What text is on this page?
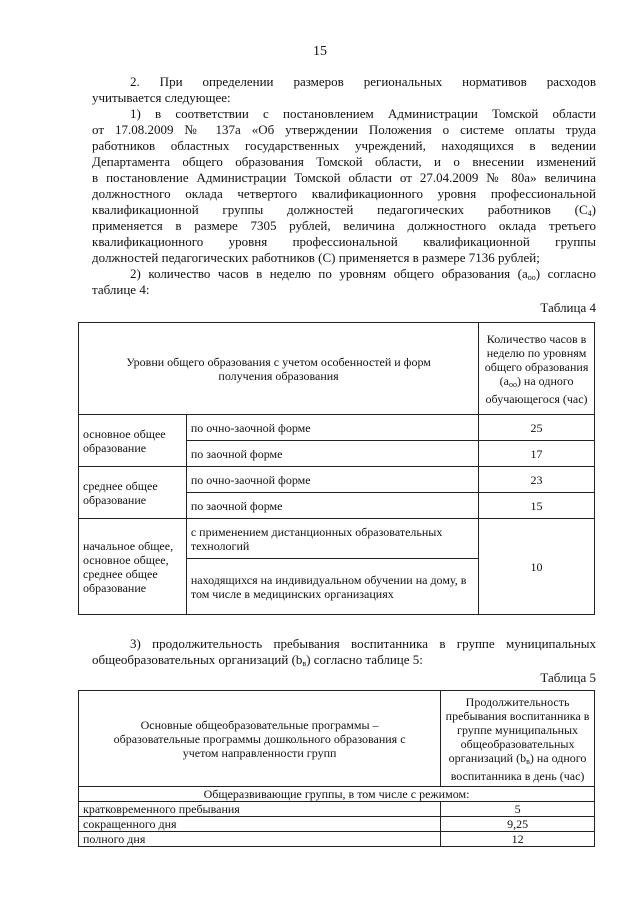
15

2. При определении размеров региональных нормативов расходов

учитывается следующее:

1) в соответствии с постановлением Администрации Томской области

от 17.08.2009 № 137а «Об утверждении Положения о системе оплаты труда

работников областных государственных учреждений, находящихся в ведении

Департамента общего образования Томской области, и о внесении изменений

в постановление Администрации Томской области от 27.04.2009 № 80а» величина

должностного оклада четвертого квалификационного уровня профессиональной

квалификационной группы должностей педагогических работников $(C_4)$

применяется в размере 7305 рублей, величина должностного оклада третьего

квалификационного уровня профессиональной квалификационной группы

должностей педагогических работников (С) применяется в размере 7136 рублей;

2) количество часов в неделю по уровням общего образования $(a_{оо})$ согласно

таблице 4:

Таблица 4
Уровни общего образования с учетом особенностей и форм получения образования		Количество часов в неделю по уровням общего образования $(a_{оо})$ на одного обучающегося (час)
основное общее образование	по очно-заочной форме	25
	по заочной форме	17
среднее общее образование	по очно-заочной форме	23
	по заочной форме	15
начальное общее, основное общее, среднее общее образование	с применением дистанционных образовательных технологий	10
	находящихся на индивидуальном обучении на дому, в том числе в медицинских организациях	

3) продолжительность пребывания воспитанника в группе муниципальных

общеобразовательных организаций $(b_в)$ согласно таблице 5:

Таблица 5
Основные общеобразовательные программы – образовательные программы дошкольного образования с учетом направленности групп	Продолжительность пребывания воспитанника в группе муниципальных общеобразовательных организаций $(b_в)$ на одного воспитанника в день (час)
Общеразвивающие группы, в том числе с режимом:	
кратковременного пребывания	5
сокращенного дня	9,25
полного дня	12
